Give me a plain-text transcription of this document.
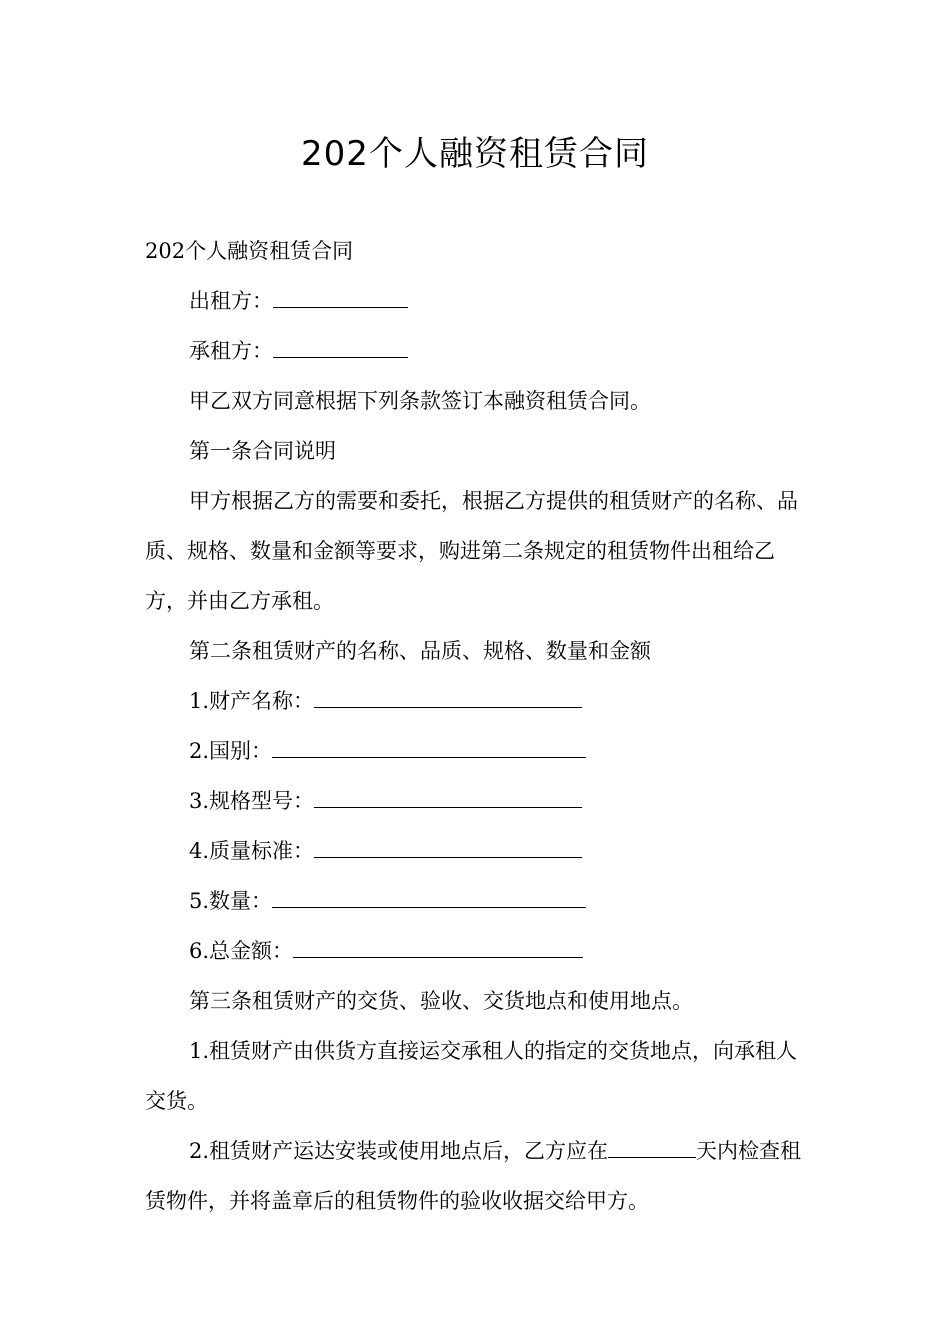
202个人融资租赁合同

202个人融资租赁合同

出租方：

承租方：

甲乙双方同意根据下列条款签订本融资租赁合同。

第一条合同说明

甲方根据乙方的需要和委托，根据乙方提供的租赁财产的名称、品质、规格、数量和金额等要求，购进第二条规定的租赁物件出租给乙方，并由乙方承租。

第二条租赁财产的名称、品质、规格、数量和金额

1.财产名称：

2.国别：

3.规格型号：

4.质量标准：

5.数量：

6.总金额：

第三条租赁财产的交货、验收、交货地点和使用地点。

1.租赁财产由供货方直接运交承租人的指定的交货地点，向承租人交货。

2.租赁财产运达安装或使用地点后，乙方应在	天内检查租赁物件，并将盖章后的租赁物件的验收收据交给甲方。
